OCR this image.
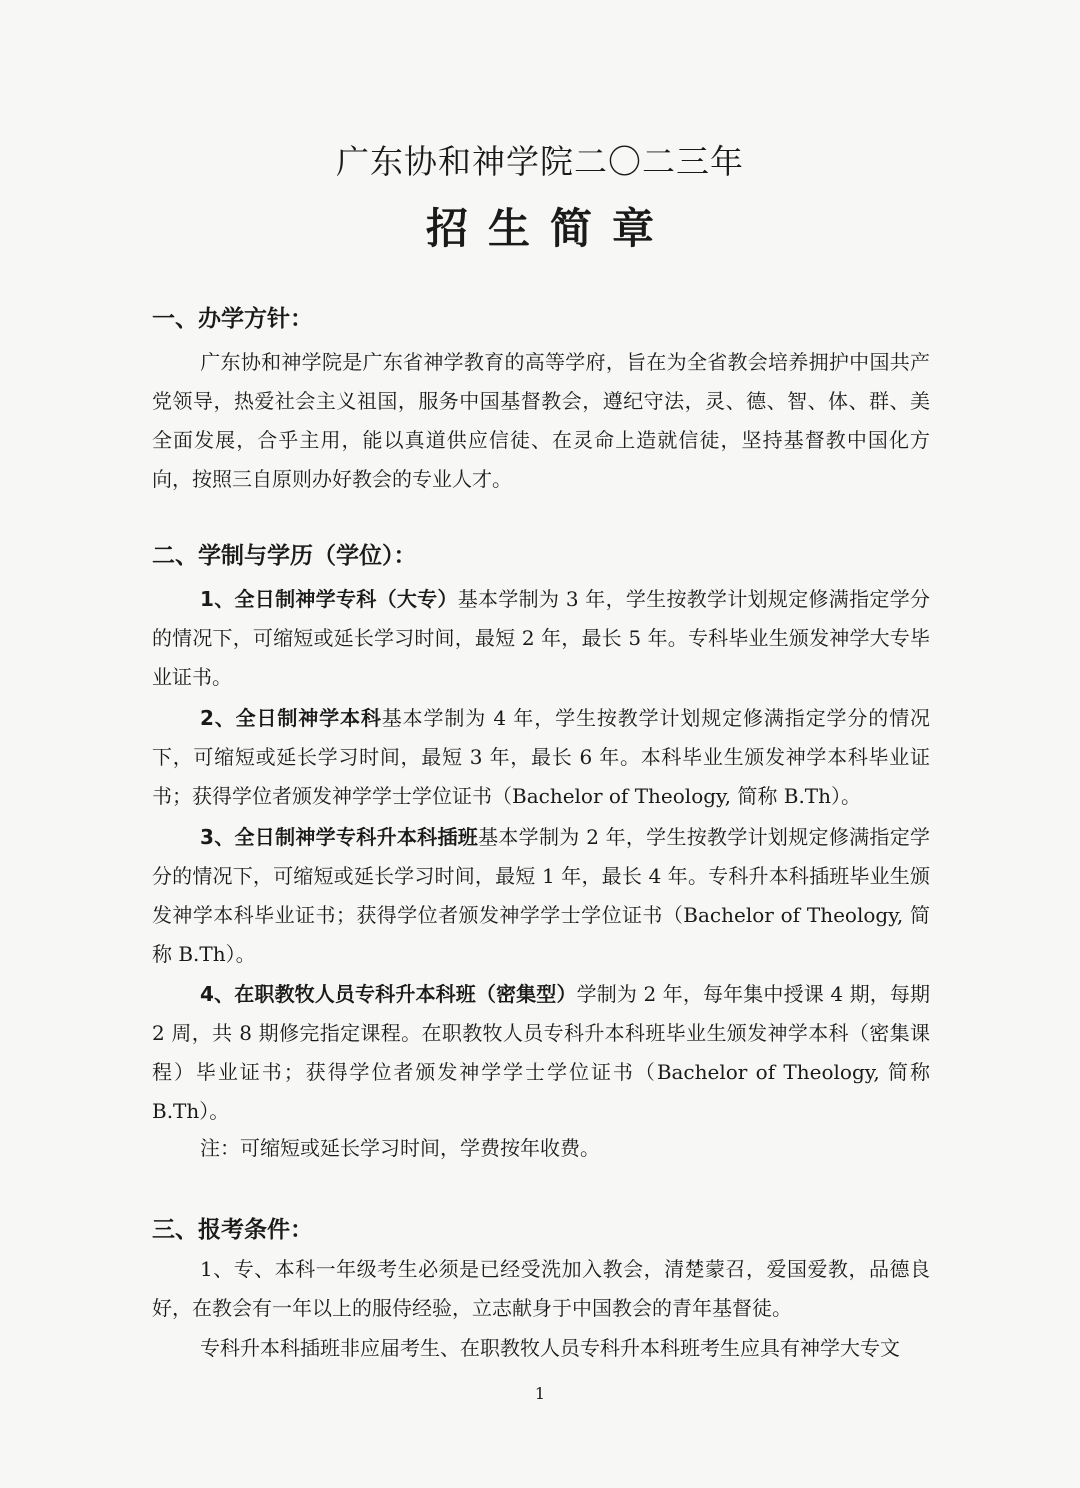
广东协和神学院二〇二三年
招生简章
一、办学方针：

广东协和神学院是广东省神学教育的高等学府，旨在为全省教会培养拥护中国共产党领导，热爱社会主义祖国，服务中国基督教会，遵纪守法，灵、德、智、体、群、美全面发展，合乎主用，能以真道供应信徒、在灵命上造就信徒，坚持基督教中国化方向，按照三自原则办好教会的专业人才。

二、学制与学历（学位）：

1、全日制神学专科（大专）基本学制为 3 年，学生按教学计划规定修满指定学分的情况下，可缩短或延长学习时间，最短 2 年，最长 5 年。专科毕业生颁发神学大专毕业证书。

2、全日制神学本科基本学制为 4 年，学生按教学计划规定修满指定学分的情况下，可缩短或延长学习时间，最短 3 年，最长 6 年。本科毕业生颁发神学本科毕业证书；获得学位者颁发神学学士学位证书（Bachelor of Theology, 简称 B.Th）。

3、全日制神学专科升本科插班基本学制为 2 年，学生按教学计划规定修满指定学分的情况下，可缩短或延长学习时间，最短 1 年，最长 4 年。专科升本科插班毕业生颁发神学本科毕业证书；获得学位者颁发神学学士学位证书（Bachelor of Theology, 简称 B.Th）。

4、在职教牧人员专科升本科班（密集型）学制为 2 年，每年集中授课 4 期，每期 2 周，共 8 期修完指定课程。在职教牧人员专科升本科班毕业生颁发神学本科（密集课程）毕业证书；获得学位者颁发神学学士学位证书（Bachelor of Theology, 简称 B.Th）。

注：可缩短或延长学习时间，学费按年收费。

三、报考条件：

1、专、本科一年级考生必须是已经受洗加入教会，清楚蒙召，爱国爱教，品德良好，在教会有一年以上的服侍经验，立志献身于中国教会的青年基督徒。

专科升本科插班非应届考生、在职教牧人员专科升本科班考生应具有神学大专文

1
